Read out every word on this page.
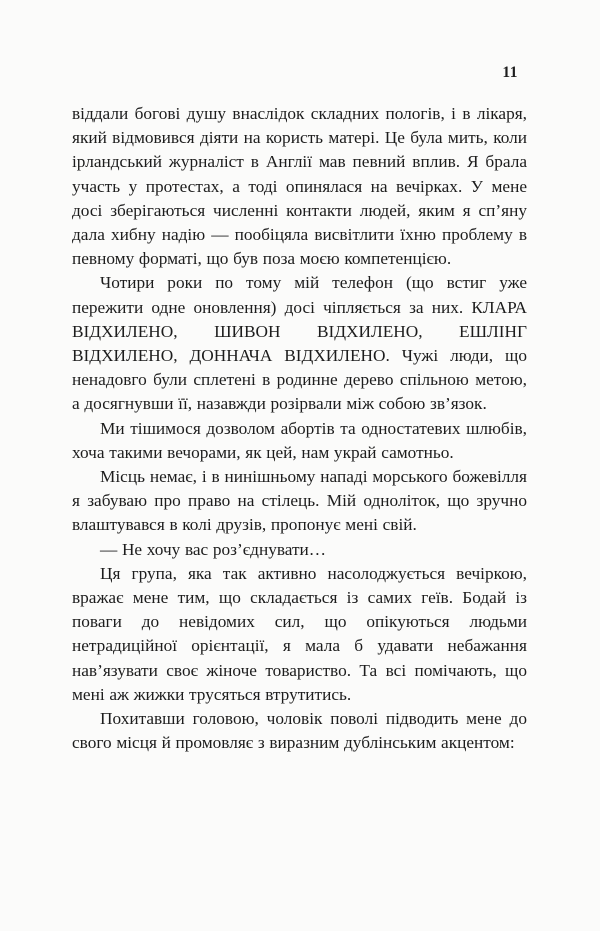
11

віддали богові душу внаслідок складних пологів, і в лікаря, який відмовився діяти на користь матері. Це була мить, коли ірландський журналіст в Англії мав певний вплив. Я брала участь у протестах, а тоді опинялася на вечірках. У мене досі зберігаються численні контакти людей, яким я сп’яну дала хибну надію — пообіцяла висвітлити їхню проблему в певному форматі, що був поза моєю компетенцією.

Чотири роки по тому мій телефон (що встиг уже пережити одне оновлення) досі чіпляється за них. КЛАРА ВІДХИЛЕНО, ШИВОН ВІДХИЛЕНО, ЕШЛІНГ ВІДХИЛЕНО, ДОННАЧА ВІДХИЛЕНО. Чужі люди, що ненадовго були сплетені в родинне дерево спільною метою, а досягнувши її, назавжди розірвали між собою зв’язок.

Ми тішимося дозволом абортів та одностатевих шлюбів, хоча такими вечорами, як цей, нам украй самотньо.

Місць немає, і в нинішньому нападі морського божевілля я забуваю про право на стілець. Мій одноліток, що зручно влаштувався в колі друзів, пропонує мені свій.

— Не хочу вас роз’єднувати…

Ця група, яка так активно насолоджується вечіркою, вражає мене тим, що складається із самих геїв. Бодай із поваги до невідомих сил, що опікуються людьми нетрадиційної орієнтації, я мала б удавати небажання нав’язувати своє жіноче товариство. Та всі помічають, що мені аж жижки трусяться втрутитись.

Похитавши головою, чоловік поволі підводить мене до свого місця й промовляє з виразним дублінським акцентом:
